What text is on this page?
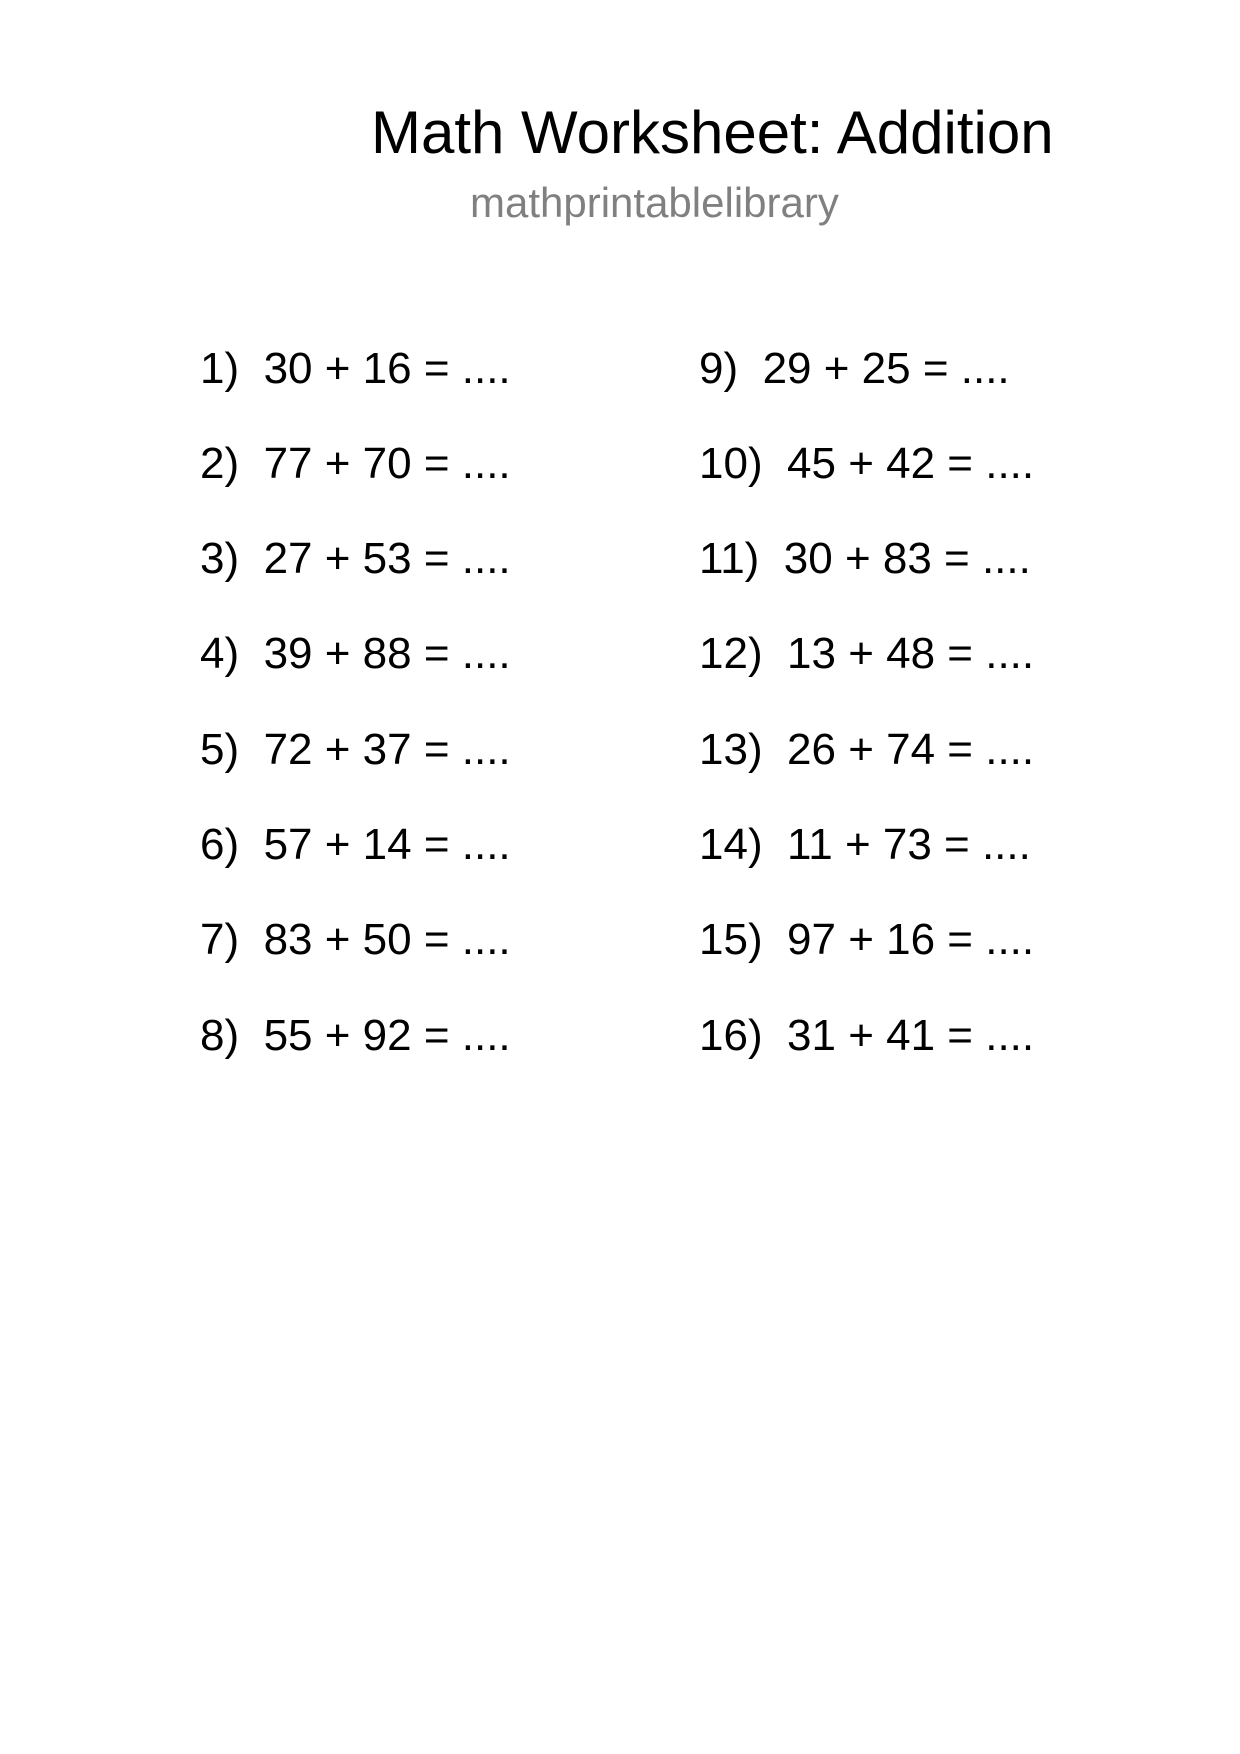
Math Worksheet: Addition
mathprintablelibrary
1)  30 + 16 = ....
2)  77 + 70 = ....
3)  27 + 53 = ....
4)  39 + 88 = ....
5)  72 + 37 = ....
6)  57 + 14 = ....
7)  83 + 50 = ....
8)  55 + 92 = ....
9)  29 + 25 = ....
10)  45 + 42 = ....
11)  30 + 83 = ....
12)  13 + 48 = ....
13)  26 + 74 = ....
14)  11 + 73 = ....
15)  97 + 16 = ....
16)  31 + 41 = ....
